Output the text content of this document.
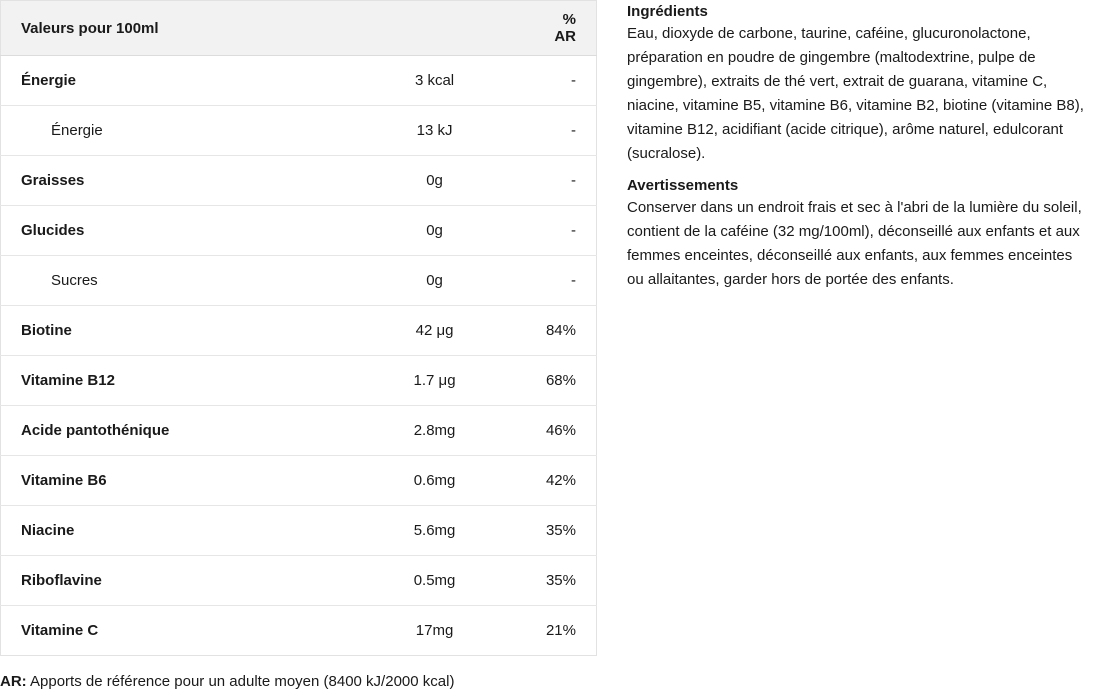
Valeurs pour 100ml		% AR
Énergie	3 kcal	-
Énergie	13 kJ	-
Graisses	0g	-
Glucides	0g	-
Sucres	0g	-
Biotine	42 μg	84%
Vitamine B12	1.7 μg	68%
Acide pantothénique	2.8mg	46%
Vitamine B6	0.6mg	42%
Niacine	5.6mg	35%
Riboflavine	0.5mg	35%
Vitamine C	17mg	21%

Ingrédients

Eau, dioxyde de carbone, taurine, caféine, glucuronolactone, préparation en poudre de gingembre (maltodextrine, pulpe de gingembre), extraits de thé vert, extrait de guarana, vitamine C, niacine, vitamine B5, vitamine B6, vitamine B2, biotine (vitamine B8), vitamine B12, acidifiant (acide citrique), arôme naturel, edulcorant (sucralose).

Avertissements

Conserver dans un endroit frais et sec à l'abri de la lumière du soleil, contient de la caféine (32 mg/100ml), déconseillé aux enfants et aux femmes enceintes, déconseillé aux enfants, aux femmes enceintes ou allaitantes, garder hors de portée des enfants.

AR: Apports de référence pour un adulte moyen (8400 kJ/2000 kcal)
